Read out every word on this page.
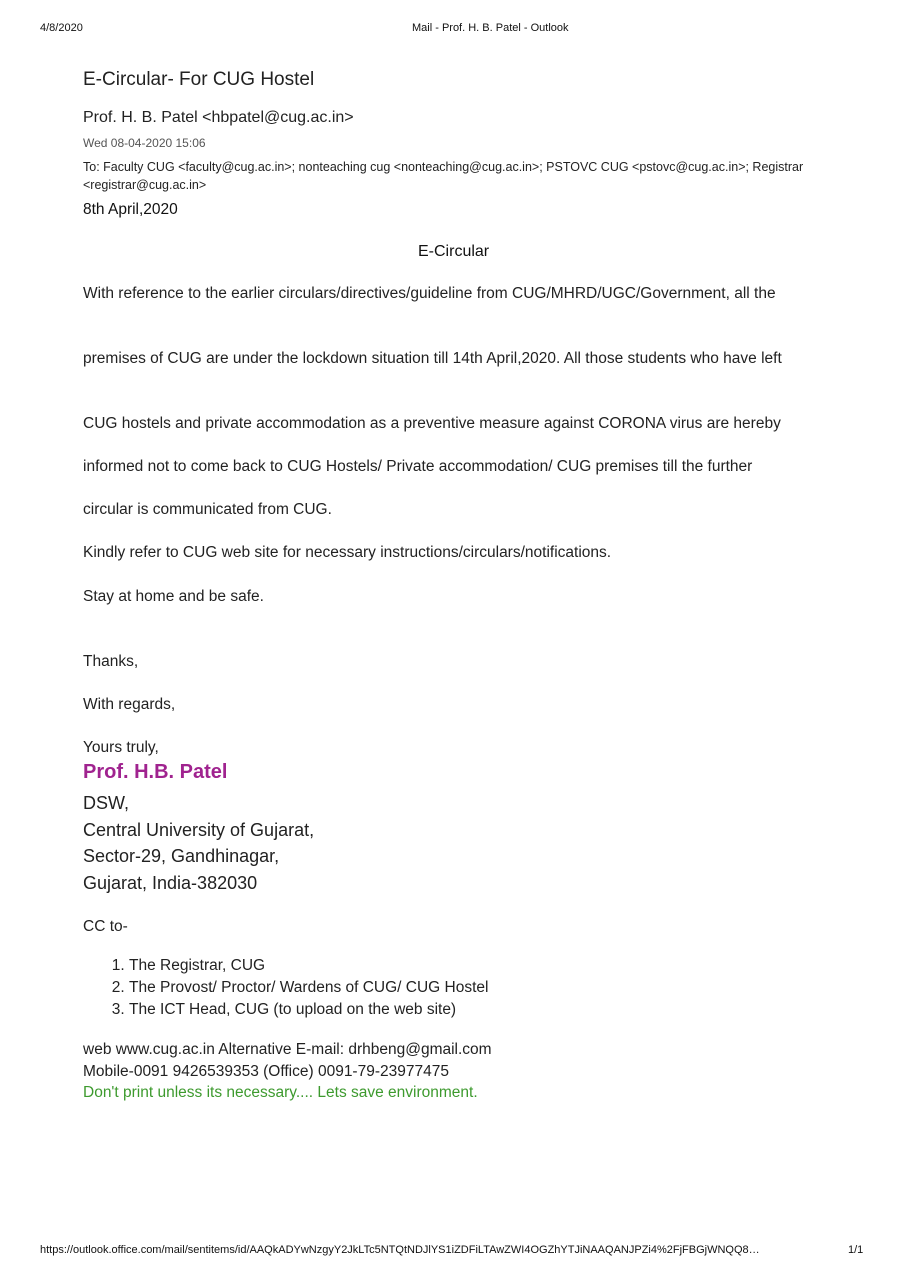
4/8/2020	Mail - Prof. H. B. Patel - Outlook
E-Circular- For CUG Hostel
Prof. H. B. Patel <hbpatel@cug.ac.in>
Wed 08-04-2020 15:06
To: Faculty CUG <faculty@cug.ac.in>; nonteaching cug <nonteaching@cug.ac.in>; PSTOVC CUG <pstovc@cug.ac.in>; Registrar <registrar@cug.ac.in>
8th April,2020
E-Circular
With reference to the earlier circulars/directives/guideline from CUG/MHRD/UGC/Government, all the
premises of CUG are under the lockdown situation till 14th April,2020. All those students who have left
CUG hostels and private accommodation as a preventive measure against CORONA virus are hereby
informed not to come back to CUG Hostels/ Private accommodation/ CUG premises till the further
circular is communicated from CUG.
Kindly refer to CUG web site for necessary instructions/circulars/notifications.
Stay at home and be safe.
Thanks,
With regards,
Yours truly,
Prof. H.B. Patel
DSW,
Central University of Gujarat,
Sector-29, Gandhinagar,
Gujarat, India-382030
CC to-
1. The Registrar, CUG
2. The Provost/ Proctor/ Wardens of CUG/ CUG Hostel
3. The ICT Head, CUG (to upload on the web site)
web www.cug.ac.in Alternative E-mail: drhbeng@gmail.com
Mobile-0091 9426539353 (Office) 0091-79-23977475
Don't print unless its necessary.... Lets save environment.
https://outlook.office.com/mail/sentitems/id/AAQkADYwNzgyY2JkLTc5NTQtNDJlYS1iZDFiLTAwZWI4OGZhYTJiNAAQANJPZi4%2FjFBGjWNQQ8…	1/1
